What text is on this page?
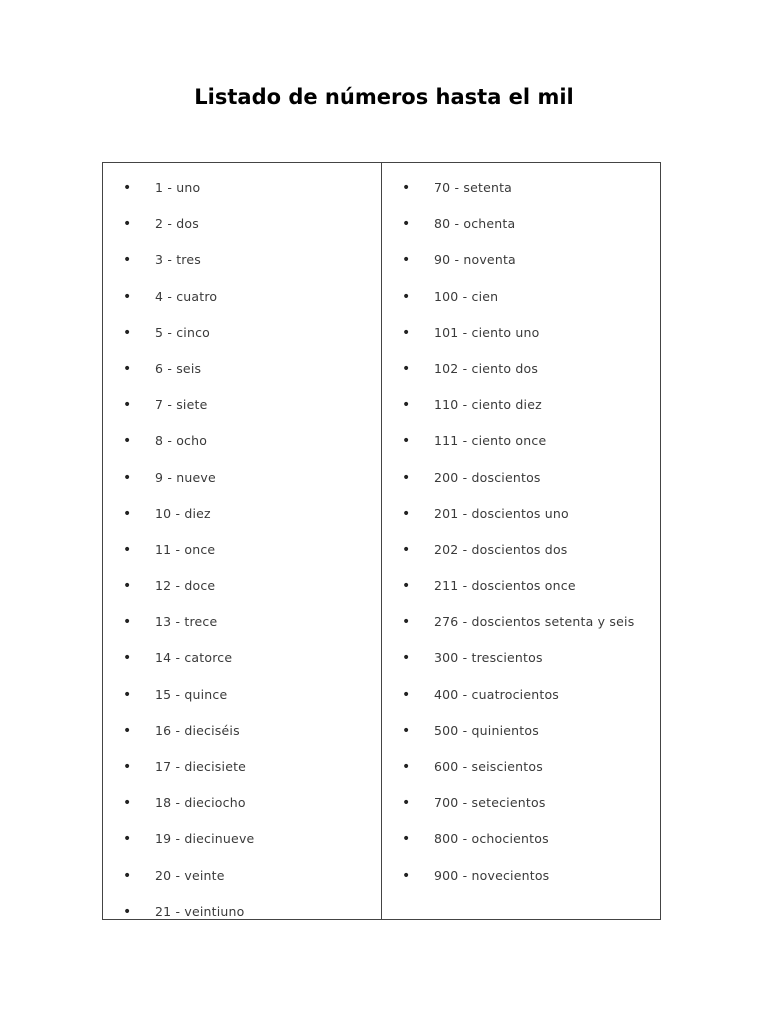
Listado de números hasta el mil
• 1 - uno
• 2 - dos
• 3 - tres
• 4 - cuatro
• 5 - cinco
• 6 - seis
• 7 - siete
• 8 - ocho
• 9 - nueve
• 10 - diez
• 11 - once
• 12 - doce
• 13 - trece
• 14 - catorce
• 15 - quince
• 16 - dieciséis
• 17 - diecisiete
• 18 - dieciocho
• 19 - diecinueve
• 20 - veinte
• 21 - veintiuno
• 70 - setenta
• 80 - ochenta
• 90 - noventa
• 100 - cien
• 101 - ciento uno
• 102 - ciento dos
• 110 - ciento diez
• 111 - ciento once
• 200 - doscientos
• 201 - doscientos uno
• 202 - doscientos dos
• 211 - doscientos once
• 276 - doscientos setenta y seis
• 300 - trescientos
• 400 - cuatrocientos
• 500 - quinientos
• 600 - seiscientos
• 700 - setecientos
• 800 - ochocientos
• 900 - novecientos
